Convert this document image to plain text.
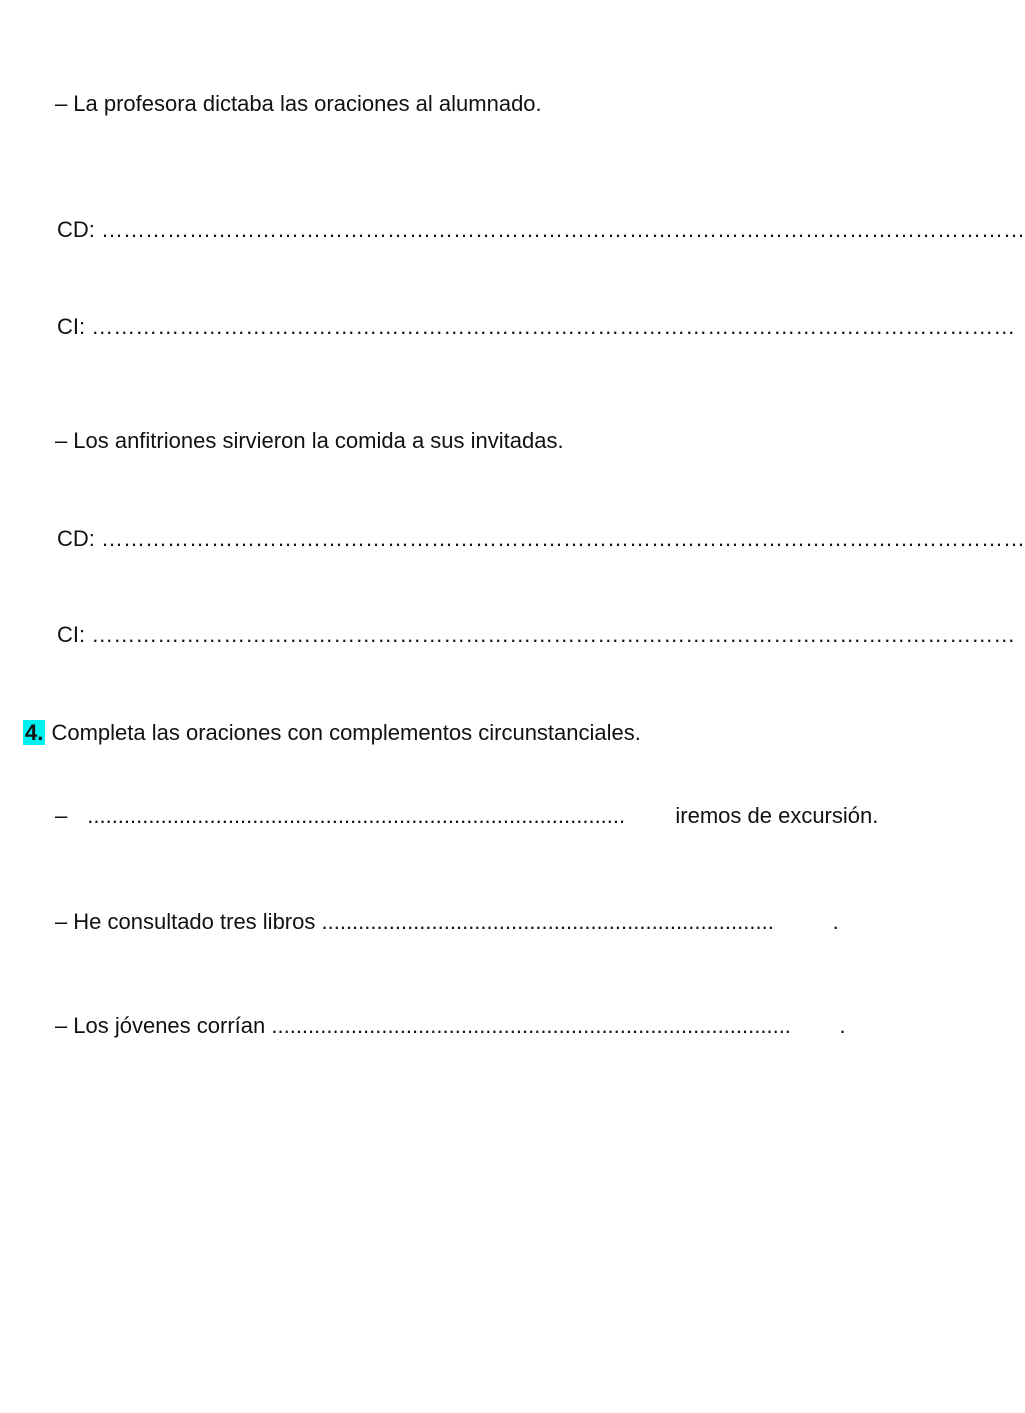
– La profesora dictaba las oraciones al alumnado.
CD: ………………………………………………………………………………………………………………
CI: ………………………………………………………………………………………………………………
– Los anfitriones sirvieron la comida a sus invitadas.
CD: ………………………………………………………………………………………………………………
CI: ………………………………………………………………………………………………………………
4. Completa las oraciones con complementos circunstanciales.
– ........................................................................................ iremos de excursión.
– He consultado tres libros ..........................................................................	.
– Los jóvenes corrían ..................................................................................... .
